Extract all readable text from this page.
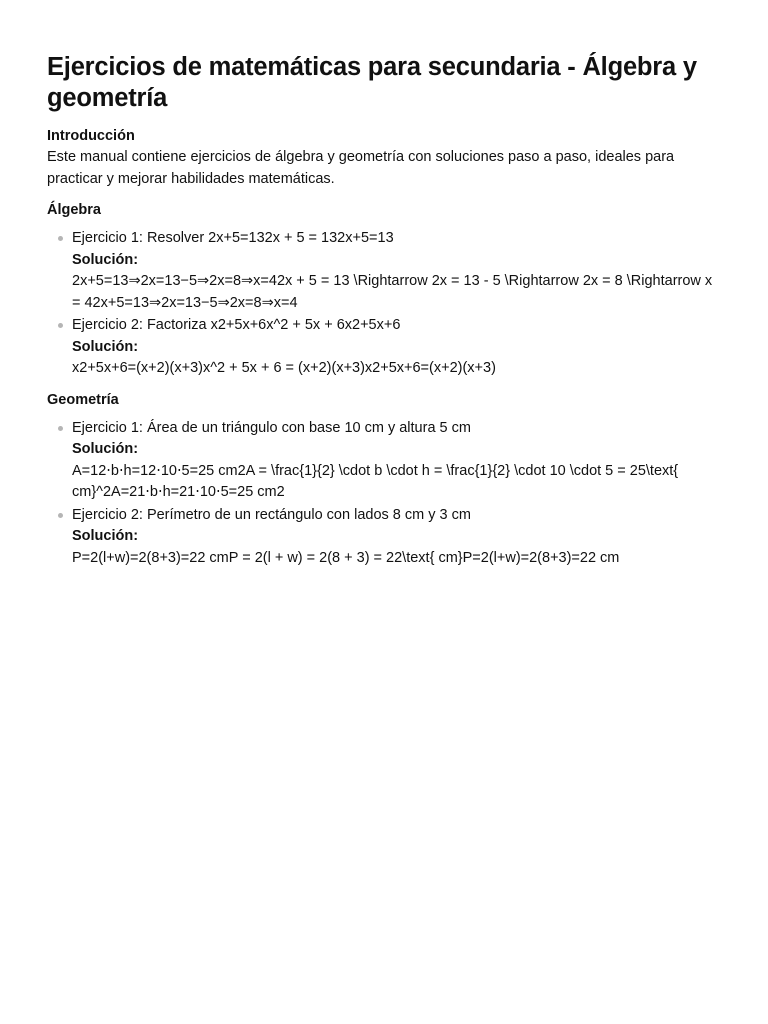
Ejercicios de matemáticas para secundaria - Álgebra y geometría
Introducción

Este manual contiene ejercicios de álgebra y geometría con soluciones paso a paso, ideales para practicar y mejorar habilidades matemáticas.

Álgebra
Ejercicio 1: Resolver 2x+5=132x + 5 = 132x+5=13
Solución:
2x+5=13⇒2x=13−5⇒2x=8⇒x=42x + 5 = 13 \Rightarrow 2x = 13 - 5 \Rightarrow 2x = 8 \Rightarrow x = 42x+5=13⇒2x=13−5⇒2x=8⇒x=4
Ejercicio 2: Factoriza x2+5x+6x^2 + 5x + 6x2+5x+6
Solución:
x2+5x+6=(x+2)(x+3)x^2 + 5x + 6 = (x+2)(x+3)x2+5x+6=(x+2)(x+3)
Geometría
Ejercicio 1: Área de un triángulo con base 10 cm y altura 5 cm
Solución:
A=12⋅b⋅h=12⋅10⋅5=25 cm2A = \frac{1}{2} \cdot b \cdot h = \frac{1}{2} \cdot 10 \cdot 5 = 25\text{ cm}^2A=21⋅b⋅h=21⋅10⋅5=25 cm2
Ejercicio 2: Perímetro de un rectángulo con lados 8 cm y 3 cm
Solución:
P=2(l+w)=2(8+3)=22 cmP = 2(l + w) = 2(8 + 3) = 22\text{ cm}P=2(l+w)=2(8+3)=22 cm
